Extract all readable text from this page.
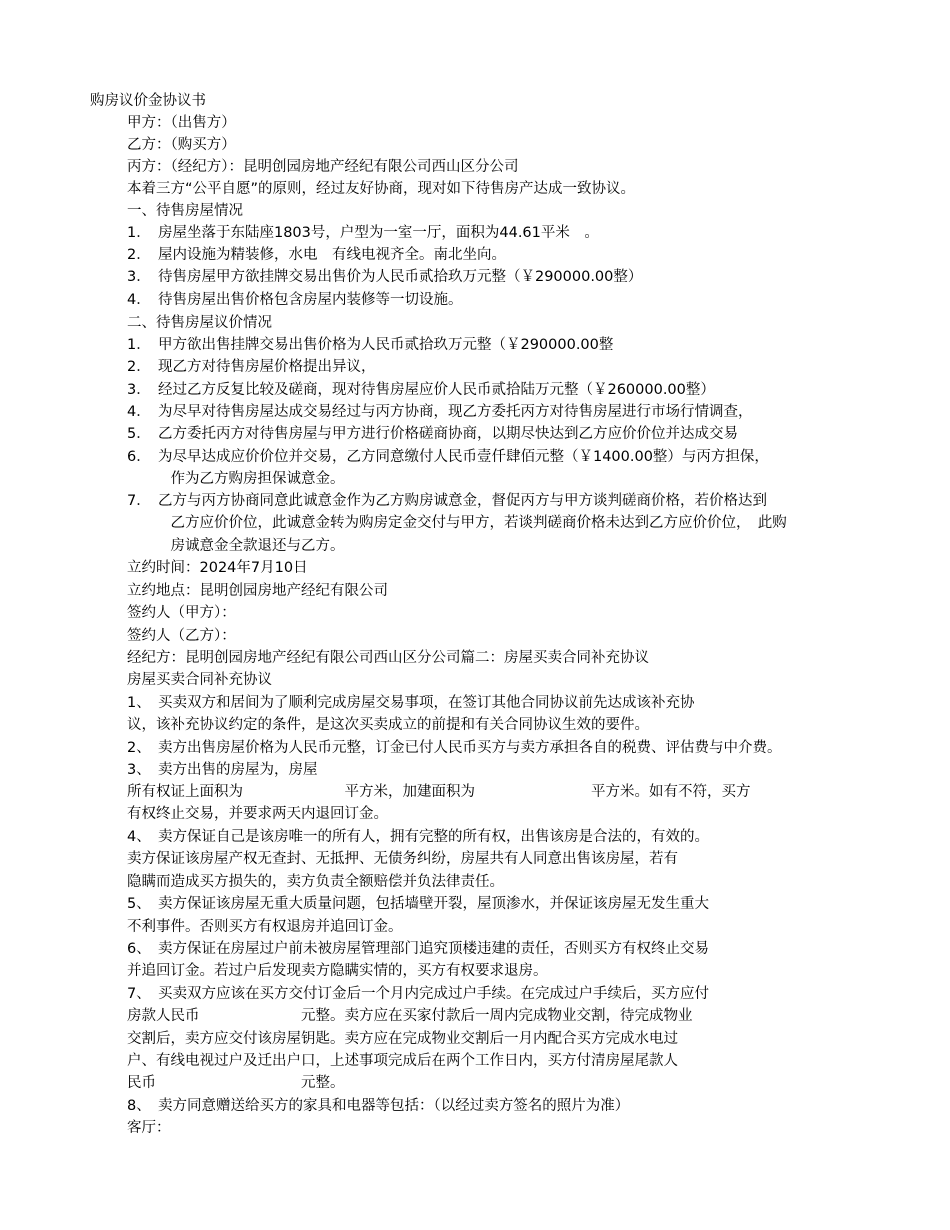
购房议价金协议书
甲方：（出售方）
乙方：（购买方）
丙方：（经纪方）：昆明创园房地产经纪有限公司西山区分公司
本着三方“公平自愿”的原则，经过友好协商，现对如下待售房产达成一致协议。
一、待售房屋情况
1．　房屋坐落于东陆座1803号，户型为一室一厅，面积为44.61平米　。
2．　屋内设施为精装修，水电　有线电视齐全。南北坐向。
3．　待售房屋甲方欲挂牌交易出售价为人民币贰拾玖万元整（￥290000.00整）
4．　待售房屋出售价格包含房屋内装修等一切设施。
二、待售房屋议价情况
1．　甲方欲出售挂牌交易出售价格为人民币贰拾玖万元整（￥290000.00整
2．　现乙方对待售房屋价格提出异议，
3．　经过乙方反复比较及磋商，现对待售房屋应价人民币贰拾陆万元整（￥260000.00整）
4．　为尽早对待售房屋达成交易经过与丙方协商，现乙方委托丙方对待售房屋进行市场行情调查，
5．　乙方委托丙方对待售房屋与甲方进行价格磋商协商，以期尽快达到乙方应价价位并达成交易
6．　为尽早达成应价价位并交易，乙方同意缴付人民币壹仟肆佰元整（￥1400.00整）与丙方担保，
　　　作为乙方购房担保诚意金。
7．　乙方与丙方协商同意此诚意金作为乙方购房诚意金，督促丙方与甲方谈判磋商价格，若价格达到
　　　乙方应价价位，此诚意金转为购房定金交付与甲方，若谈判磋商价格未达到乙方应价价位，　此购
　　　房诚意金全款退还与乙方。
立约时间：2024年7月10日
立约地点：昆明创园房地产经纪有限公司
签约人（甲方）：
签约人（乙方）：
经纪方：昆明创园房地产经纪有限公司西山区分公司篇二：房屋买卖合同补充协议
房屋买卖合同补充协议
1、　买卖双方和居间为了顺利完成房屋交易事项，在签订其他合同协议前先达成该补充协
议，该补充协议约定的条件，是这次买卖成立的前提和有关合同协议生效的要件。
2、　卖方出售房屋价格为人民币元整，订金已付人民币买方与卖方承担各自的税费、评估费与中介费。
3、　卖方出售的房屋为，房屋
所有权证上面积为　　　　　　　平方米，加建面积为　　　　　　　　平方米。如有不符，买方
有权终止交易，并要求两天内退回订金。
4、　卖方保证自己是该房唯一的所有人，拥有完整的所有权，出售该房是合法的，有效的。
卖方保证该房屋产权无查封、无抵押、无债务纠纷，房屋共有人同意出售该房屋，若有
隐瞒而造成买方损失的，卖方负责全额赔偿并负法律责任。
5、　卖方保证该房屋无重大质量问题，包括墙壁开裂，屋顶渗水，并保证该房屋无发生重大
不利事件。否则买方有权退房并追回订金。
6、　卖方保证在房屋过户前未被房屋管理部门追究顶楼违建的责任，否则买方有权终止交易
并追回订金。若过户后发现卖方隐瞒实情的，买方有权要求退房。
7、　买卖双方应该在买方交付订金后一个月内完成过户手续。在完成过户手续后，买方应付
房款人民币　　　　　　　元整。卖方应在买家付款后一周内完成物业交割，待完成物业
交割后，卖方应交付该房屋钥匙。卖方应在完成物业交割后一月内配合买方完成水电过
户、有线电视过户及迁出户口，上述事项完成后在两个工作日内，买方付清房屋尾款人
民币　　　　　　　　　　元整。
8、　卖方同意赠送给买方的家具和电器等包括：（以经过卖方签名的照片为准）
客厅：
